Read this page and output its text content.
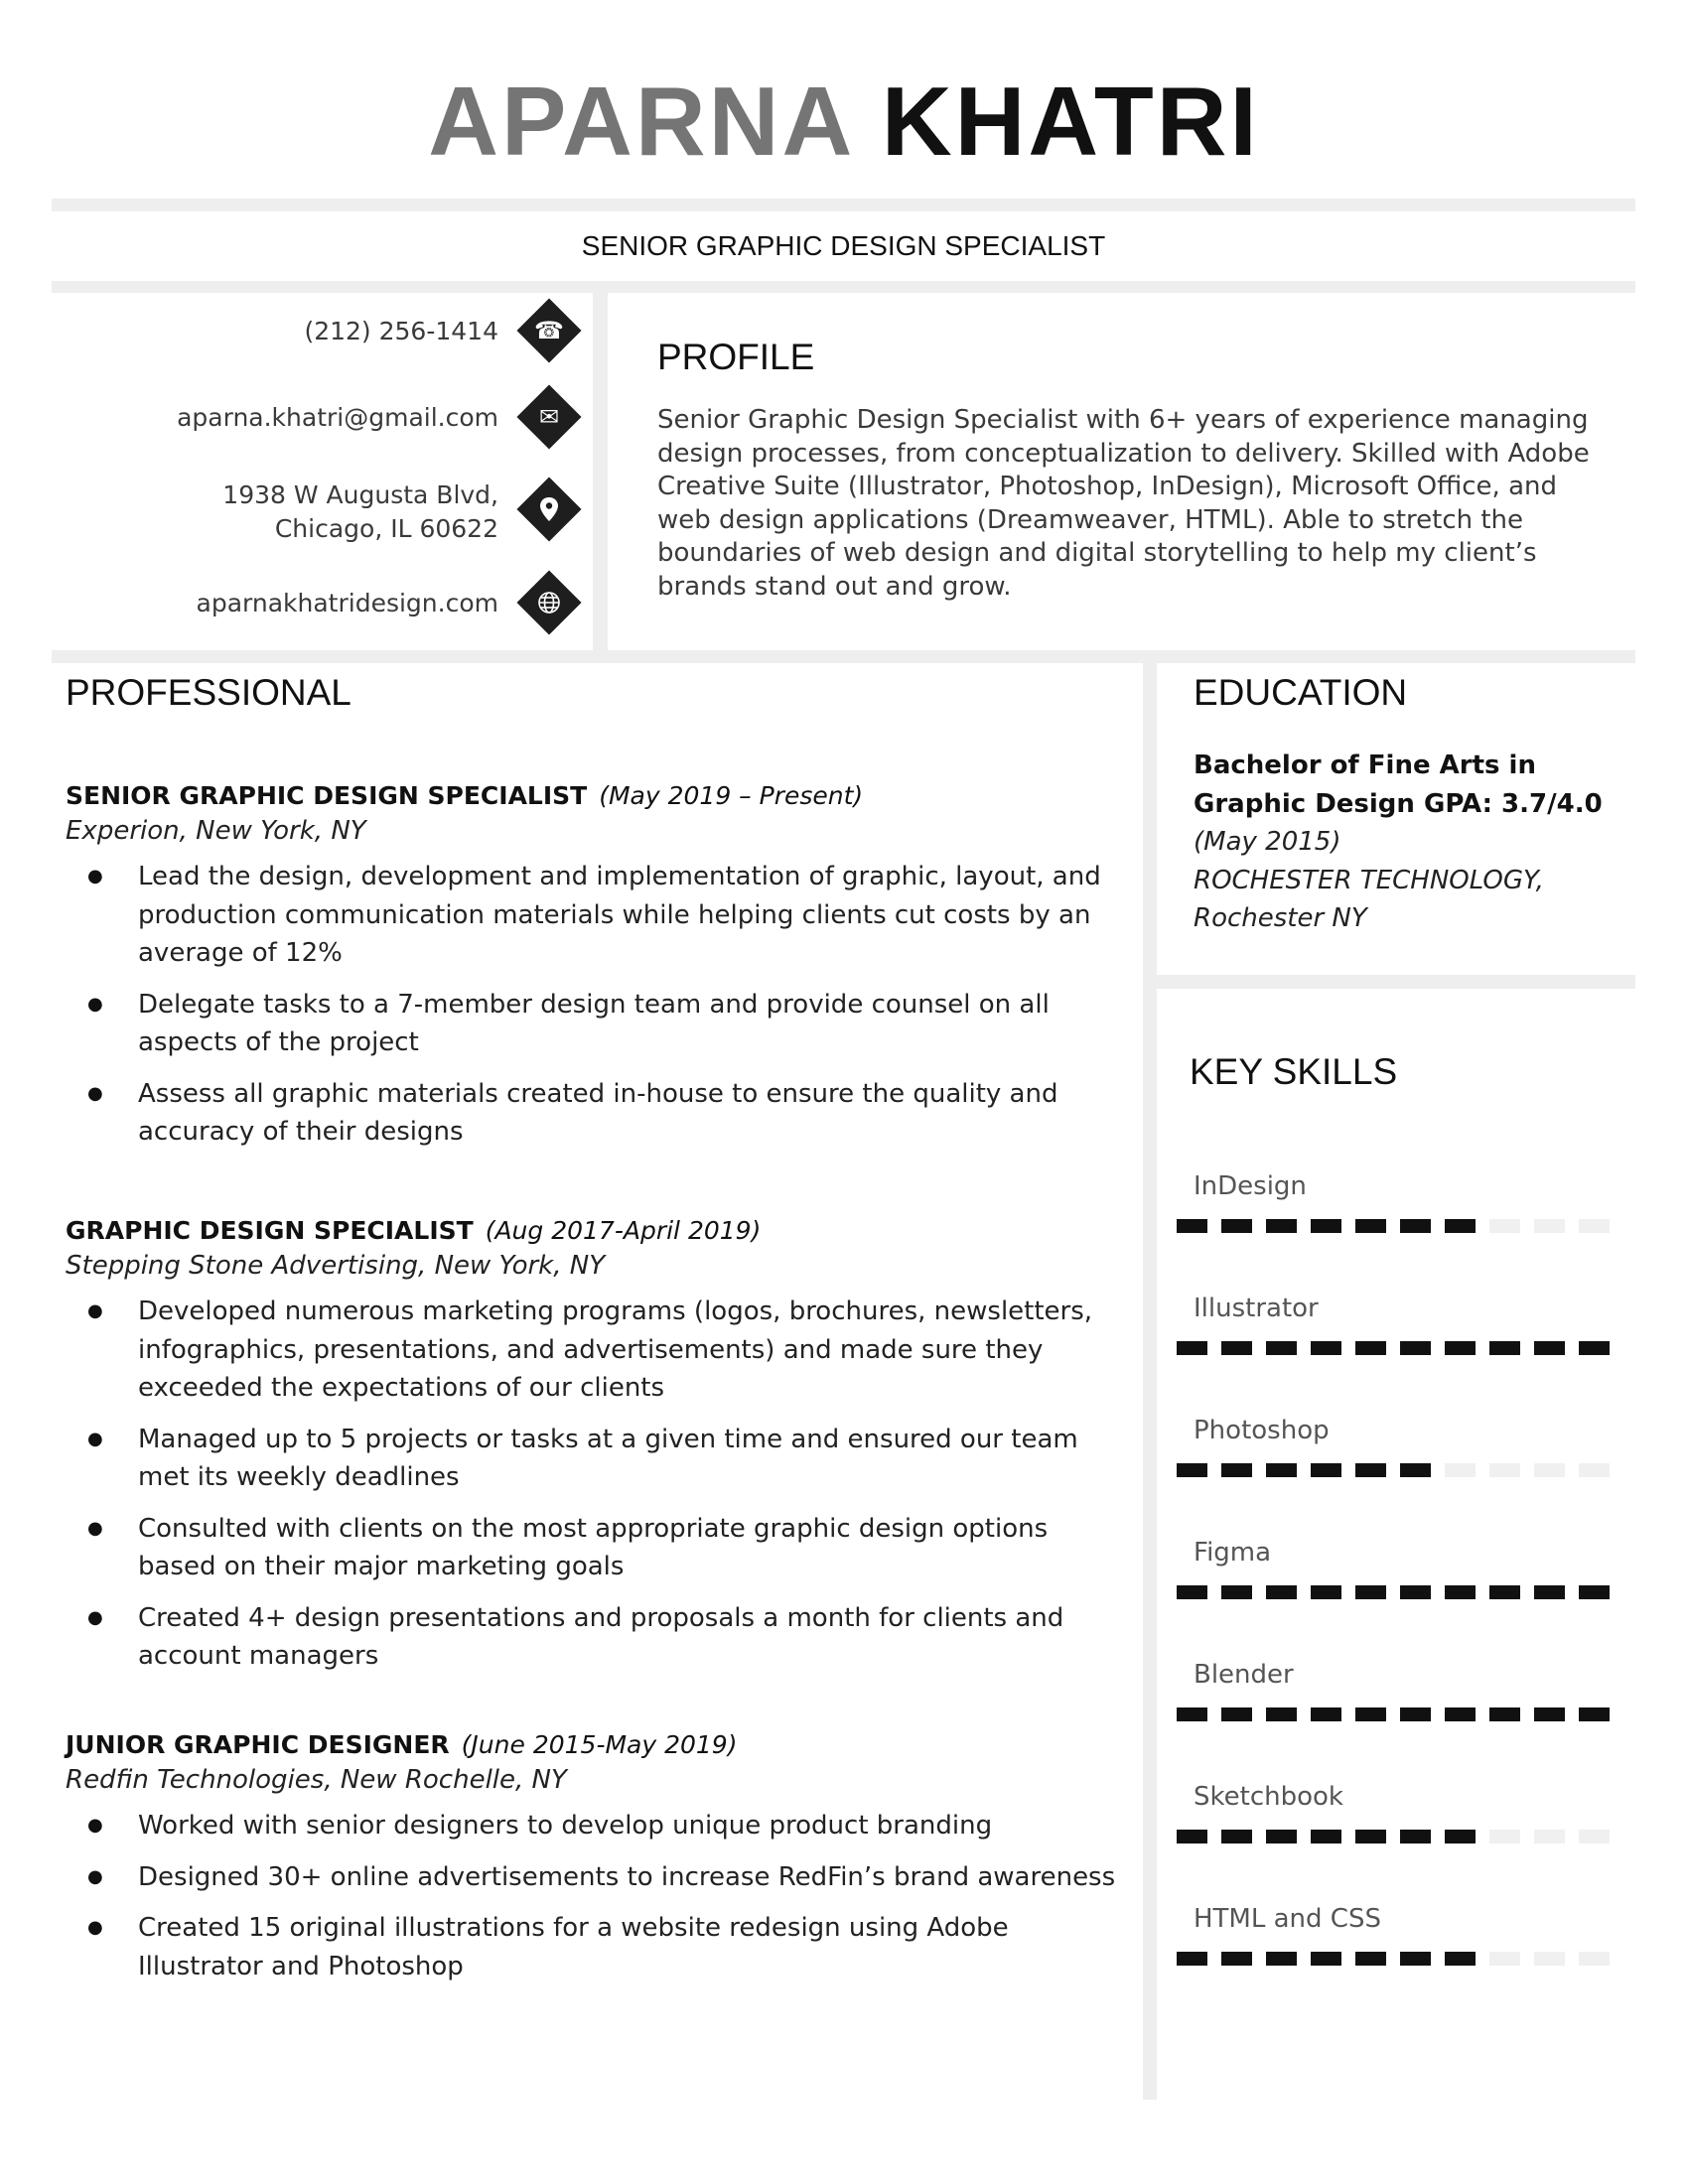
APARNA KHATRI
SENIOR GRAPHIC DESIGN SPECIALIST
(212) 256-1414	☎
aparna.khatri@gmail.com	✉
1938 W Augusta Blvd,
Chicago, IL 60622
aparnakhatridesign.com
PROFILE
Senior Graphic Design Specialist with 6+ years of experience managing design processes, from conceptualization to delivery. Skilled with Adobe Creative Suite (Illustrator, Photoshop, InDesign), Microsoft Office, and web design applications (Dreamweaver, HTML). Able to stretch the boundaries of web design and digital storytelling to help my client’s brands stand out and grow.
PROFESSIONAL
SENIOR GRAPHIC DESIGN SPECIALIST (May 2019 – Present)
Experion, New York, NY
● Lead the design, development and implementation of graphic, layout, and production communication materials while helping clients cut costs by an average of 12%
● Delegate tasks to a 7-member design team and provide counsel on all aspects of the project
● Assess all graphic materials created in-house to ensure the quality and accuracy of their designs
GRAPHIC DESIGN SPECIALIST (Aug 2017-April 2019)
Stepping Stone Advertising, New York, NY
● Developed numerous marketing programs (logos, brochures, newsletters, infographics, presentations, and advertisements) and made sure they exceeded the expectations of our clients
● Managed up to 5 projects or tasks at a given time and ensured our team met its weekly deadlines
● Consulted with clients on the most appropriate graphic design options based on their major marketing goals
● Created 4+ design presentations and proposals a month for clients and account managers
JUNIOR GRAPHIC DESIGNER (June 2015-May 2019)
Redfin Technologies, New Rochelle, NY
● Worked with senior designers to develop unique product branding
● Designed 30+ online advertisements to increase RedFin’s brand awareness
● Created 15 original illustrations for a website redesign using Adobe Illustrator and Photoshop
EDUCATION
Bachelor of Fine Arts in
Graphic Design GPA: 3.7/4.0
(May 2015)
ROCHESTER TECHNOLOGY,
Rochester NY
KEY SKILLS
InDesign
Illustrator
Photoshop
Figma
Blender
Sketchbook
HTML and CSS
